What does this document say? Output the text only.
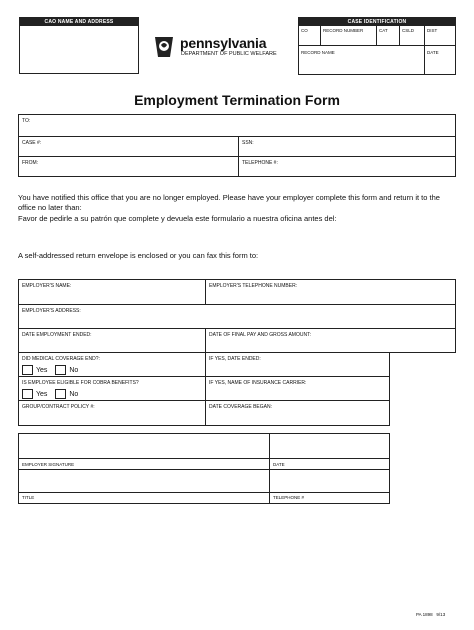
CAO NAME AND ADDRESS
pennsylvania
DEPARTMENT OF PUBLIC WELFARE
CASE IDENTIFICATION
CO	RECORD NUMBER	CAT	CSLD	DIST
RECORD NAME	DATE
Employment Termination Form
TO:
CASE #:	SSN:
FROM:	TELEPHONE #:
You have notified this office that you are no longer employed. Please have your employer complete this form and return it to the office no later than:
Favor de pedirle a su patrón que complete y devuela este formulario a nuestra oficina antes del:
A self-addressed return envelope is enclosed or you can fax this form to:
EMPLOYER'S NAME:	EMPLOYER'S TELEPHONE NUMBER:
EMPLOYER'S ADDRESS:
DATE EMPLOYMENT ENDED:	DATE OF FINAL PAY AND GROSS AMOUNT:
DID MEDICAL COVERAGE END?:
Yes	No
IF YES, DATE ENDED:
IS EMPLOYEE ELIGIBLE FOR COBRA BENEFITS?
Yes	No
IF YES, NAME OF INSURANCE CARRIER:
GROUP/CONTRACT POLICY #:	DATE COVERAGE BEGAN:
EMPLOYER SIGNATURE	DATE
TITLE	TELEPHONE #
PA 1898   9/13
